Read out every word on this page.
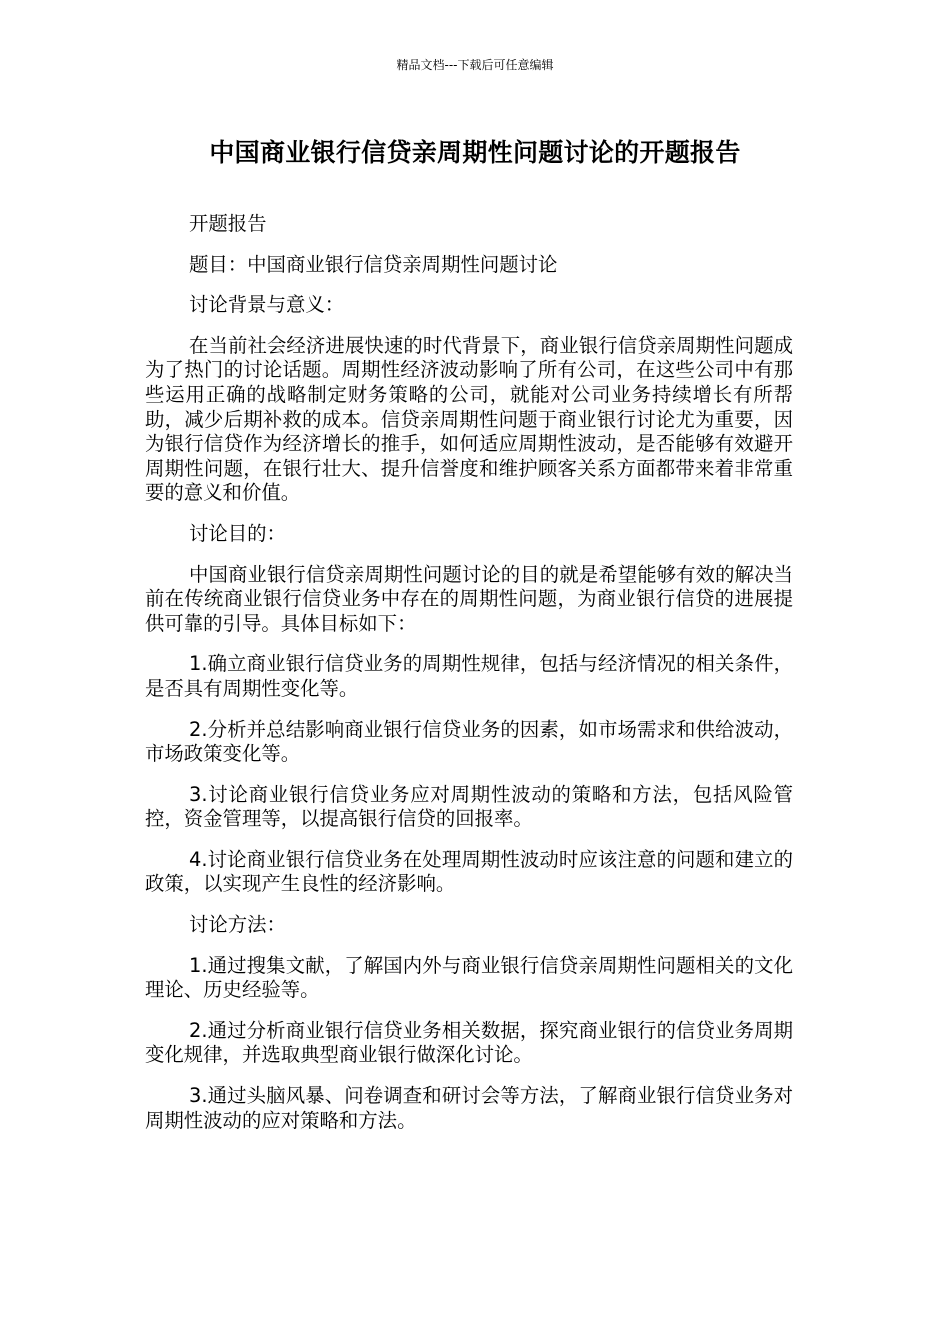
精品文档---下载后可任意编辑
中国商业银行信贷亲周期性问题讨论的开题报告

开题报告

题目：中国商业银行信贷亲周期性问题讨论

讨论背景与意义：

在当前社会经济进展快速的时代背景下，商业银行信贷亲周期性问题成为了热门的讨论话题。周期性经济波动影响了所有公司，在这些公司中有那些运用正确的战略制定财务策略的公司，就能对公司业务持续增长有所帮助，减少后期补救的成本。信贷亲周期性问题于商业银行讨论尤为重要，因为银行信贷作为经济增长的推手，如何适应周期性波动，是否能够有效避开周期性问题，在银行壮大、提升信誉度和维护顾客关系方面都带来着非常重要的意义和价值。

讨论目的：

中国商业银行信贷亲周期性问题讨论的目的就是希望能够有效的解决当前在传统商业银行信贷业务中存在的周期性问题，为商业银行信贷的进展提供可靠的引导。具体目标如下：

1.确立商业银行信贷业务的周期性规律，包括与经济情况的相关条件，是否具有周期性变化等。

2.分析并总结影响商业银行信贷业务的因素，如市场需求和供给波动，市场政策变化等。

3.讨论商业银行信贷业务应对周期性波动的策略和方法，包括风险管控，资金管理等，以提高银行信贷的回报率。

4.讨论商业银行信贷业务在处理周期性波动时应该注意的问题和建立的政策，以实现产生良性的经济影响。

讨论方法：

1.通过搜集文献，了解国内外与商业银行信贷亲周期性问题相关的文化理论、历史经验等。

2.通过分析商业银行信贷业务相关数据，探究商业银行的信贷业务周期变化规律，并选取典型商业银行做深化讨论。

3.通过头脑风暴、问卷调查和研讨会等方法，了解商业银行信贷业务对周期性波动的应对策略和方法。
